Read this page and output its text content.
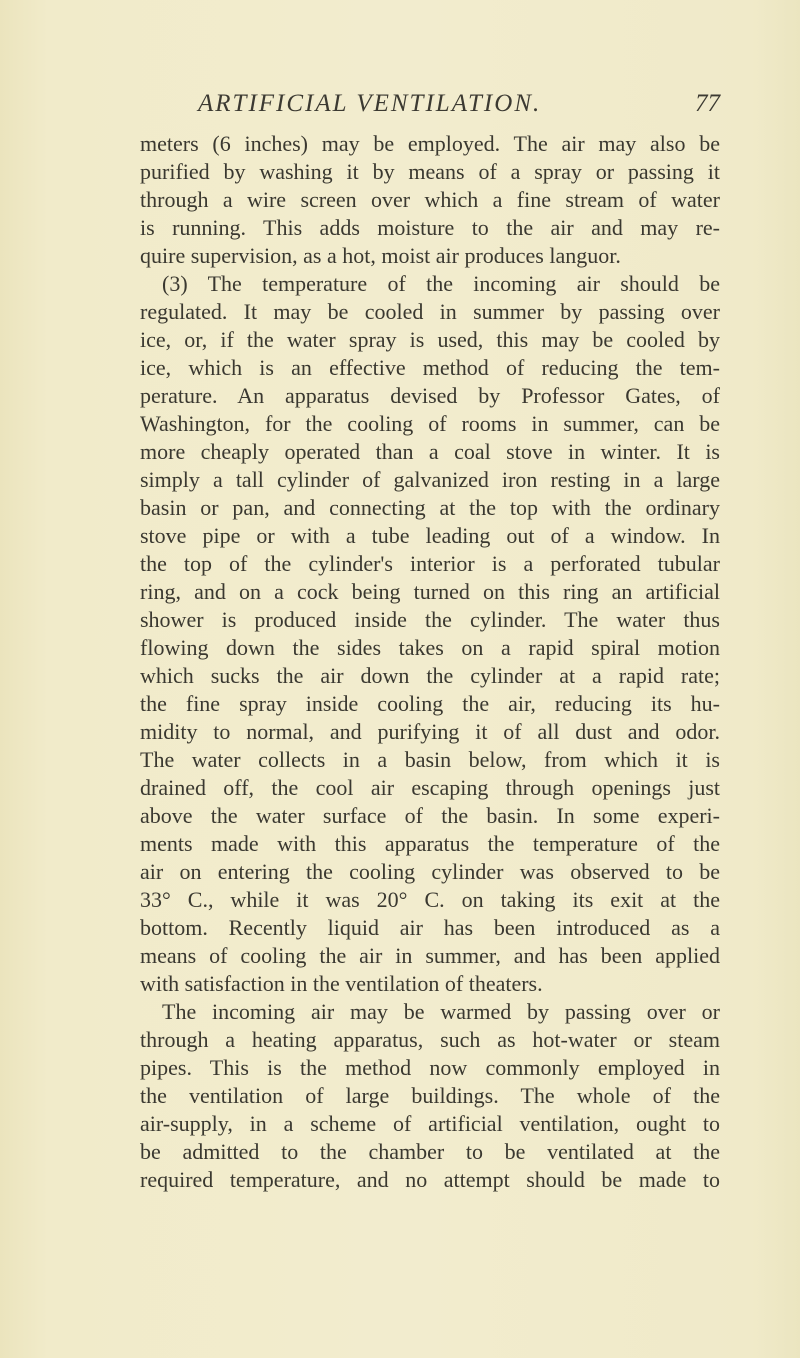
ARTIFICIAL VENTILATION.	77
meters (6 inches) may be employed. The air may also be
purified by washing it by means of a spray or passing it
through a wire screen over which a fine stream of water
is running. This adds moisture to the air and may re-
quire supervision, as a hot, moist air produces languor.
(3) The temperature of the incoming air should be
regulated. It may be cooled in summer by passing over
ice, or, if the water spray is used, this may be cooled by
ice, which is an effective method of reducing the tem-
perature. An apparatus devised by Professor Gates, of
Washington, for the cooling of rooms in summer, can be
more cheaply operated than a coal stove in winter. It is
simply a tall cylinder of galvanized iron resting in a large
basin or pan, and connecting at the top with the ordinary
stove pipe or with a tube leading out of a window. In
the top of the cylinder's interior is a perforated tubular
ring, and on a cock being turned on this ring an artificial
shower is produced inside the cylinder. The water thus
flowing down the sides takes on a rapid spiral motion
which sucks the air down the cylinder at a rapid rate;
the fine spray inside cooling the air, reducing its hu-
midity to normal, and purifying it of all dust and odor.
The water collects in a basin below, from which it is
drained off, the cool air escaping through openings just
above the water surface of the basin. In some experi-
ments made with this apparatus the temperature of the
air on entering the cooling cylinder was observed to be
33° C., while it was 20° C. on taking its exit at the
bottom. Recently liquid air has been introduced as a
means of cooling the air in summer, and has been applied
with satisfaction in the ventilation of theaters.
The incoming air may be warmed by passing over or
through a heating apparatus, such as hot-water or steam
pipes. This is the method now commonly employed in
the ventilation of large buildings. The whole of the
air-supply, in a scheme of artificial ventilation, ought to
be admitted to the chamber to be ventilated at the
required temperature, and no attempt should be made to
